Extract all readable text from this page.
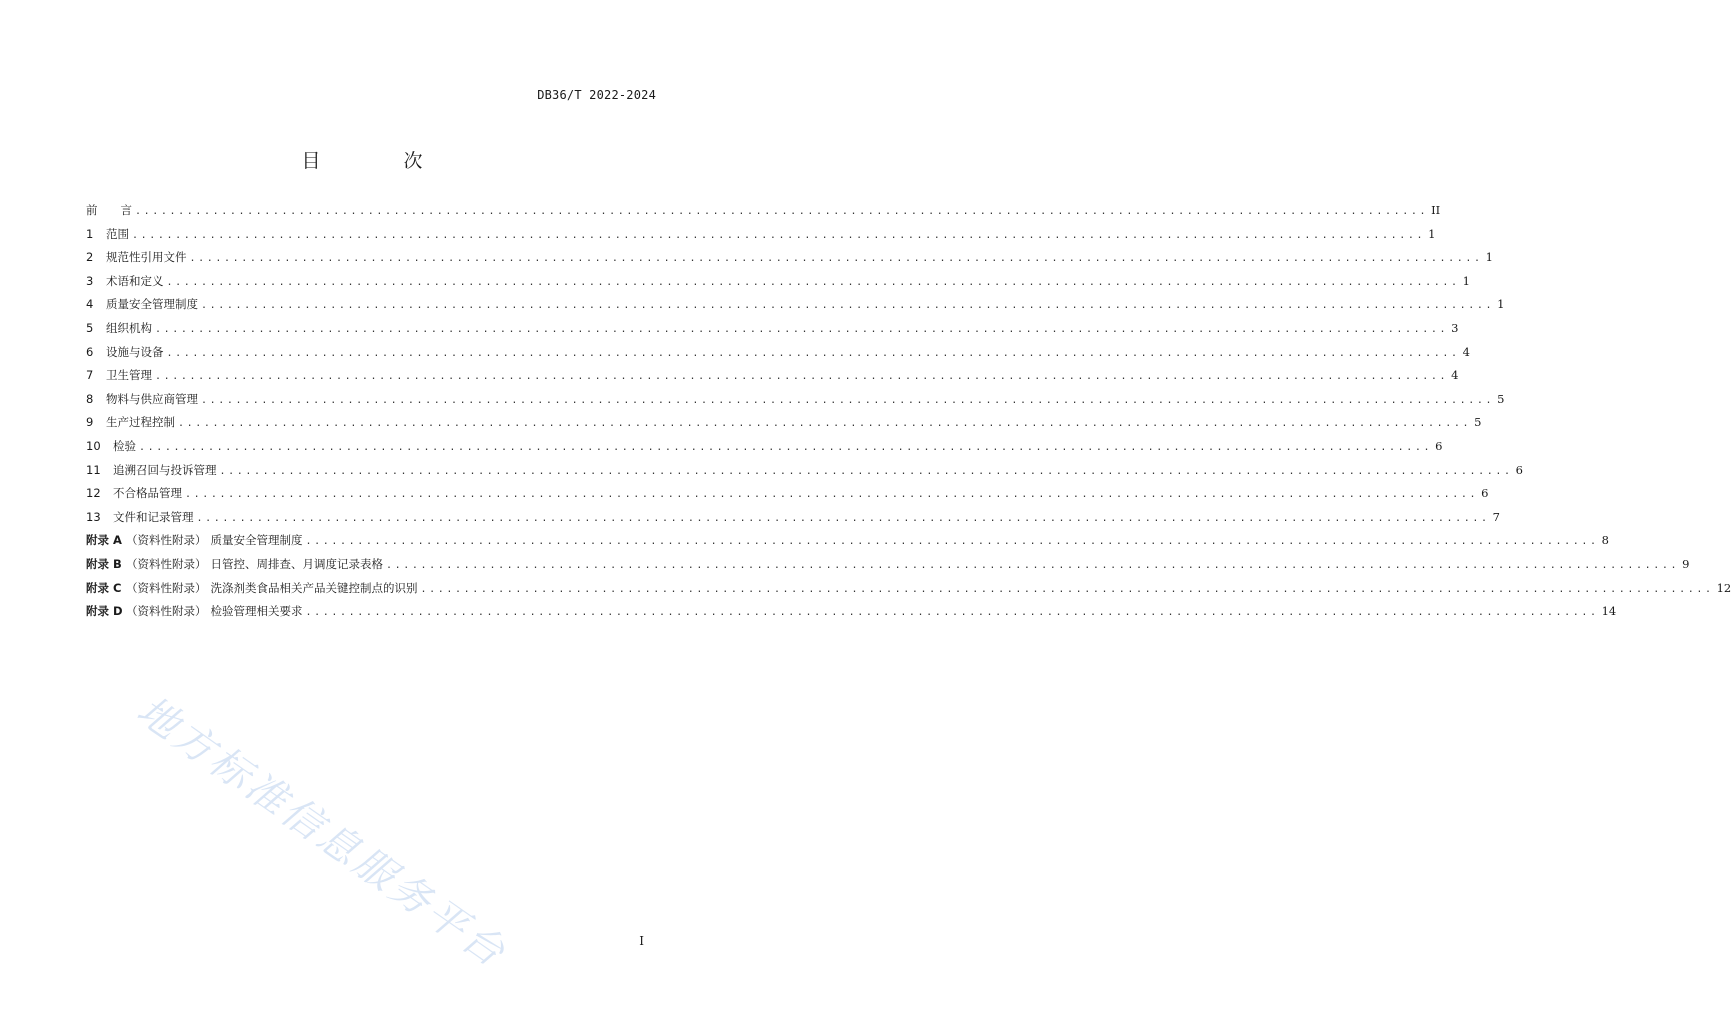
DB36/T 2022-2024
目　次
前　　言 ...................................................................................................................................................... II
1	范围 ...................................................................................................................................................... 1
2	规范性引用文件 ...................................................................................................................................................... 1
3	术语和定义 ...................................................................................................................................................... 1
4	质量安全管理制度 ...................................................................................................................................................... 1
5	组织机构 ...................................................................................................................................................... 3
6	设施与设备 ...................................................................................................................................................... 4
7	卫生管理 ...................................................................................................................................................... 4
8	物料与供应商管理 ...................................................................................................................................................... 5
9	生产过程控制 ...................................................................................................................................................... 5
10	检验 ...................................................................................................................................................... 6
11	追溯召回与投诉管理 ...................................................................................................................................................... 6
12	不合格品管理 ...................................................................................................................................................... 6
13	文件和记录管理 ...................................................................................................................................................... 7
附录 A （资料性附录） 质量安全管理制度 ...................................................................................................................................................... 8
附录 B （资料性附录） 日管控、周排查、月调度记录表格 ...................................................................................................................................................... 9
附录 C （资料性附录） 洗涤剂类食品相关产品关键控制点的识别 ...................................................................................................................................................... 12
附录 D （资料性附录） 检验管理相关要求 ...................................................................................................................................................... 14
地方标准信息服务平台	I
